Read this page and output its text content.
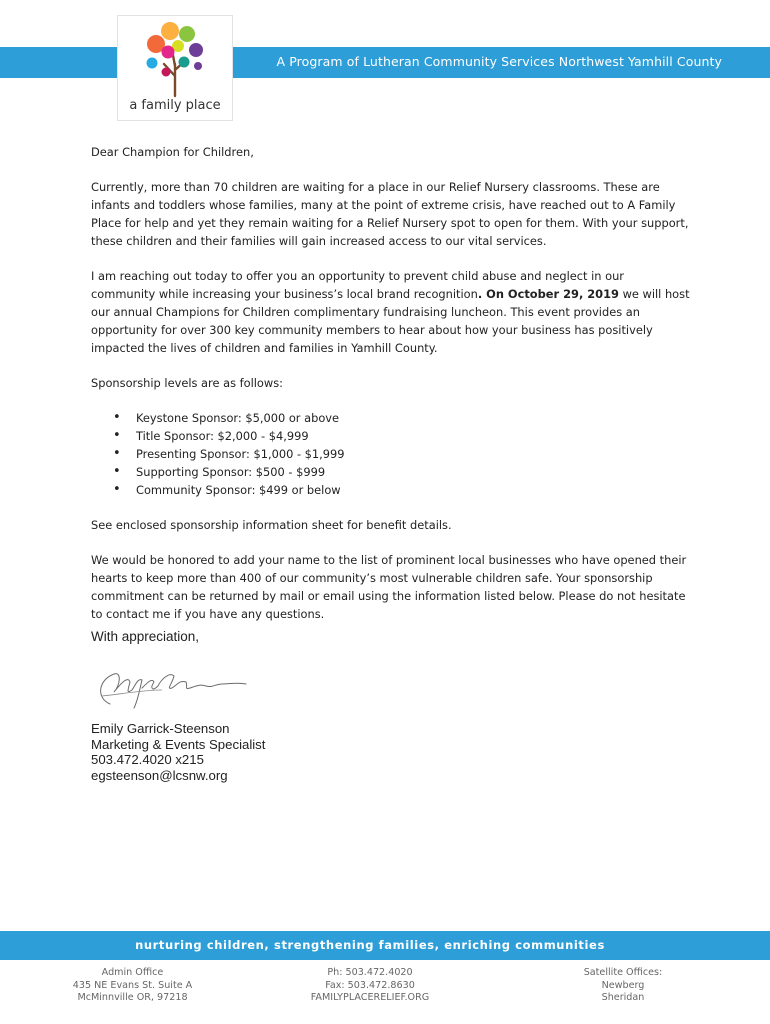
A Program of Lutheran Community Services Northwest Yamhill County
a family place

Dear Champion for Children,

Currently, more than 70 children are waiting for a place in our Relief Nursery classrooms. These are infants and toddlers whose families, many at the point of extreme crisis, have reached out to A Family Place for help and yet they remain waiting for a Relief Nursery spot to open for them. With your support, these children and their families will gain increased access to our vital services.

I am reaching out today to offer you an opportunity to prevent child abuse and neglect in our community while increasing your business’s local brand recognition. On October 29, 2019 we will host our annual Champions for Children complimentary fundraising luncheon. This event provides an opportunity for over 300 key community members to hear about how your business has positively impacted the lives of children and families in Yamhill County.

Sponsorship levels are as follows:

• Keystone Sponsor: $5,000 or above
• Title Sponsor: $2,000 - $4,999
• Presenting Sponsor: $1,000 - $1,999
• Supporting Sponsor: $500 - $999
• Community Sponsor: $499 or below

See enclosed sponsorship information sheet for benefit details.

We would be honored to add your name to the list of prominent local businesses who have opened their hearts to keep more than 400 of our community’s most vulnerable children safe. Your sponsorship commitment can be returned by mail or email using the information listed below. Please do not hesitate to contact me if you have any questions.

With appreciation,
Emily Garrick-Steenson
Marketing & Events Specialist
503.472.4020 x215
egsteenson@lcsnw.org
nurturing children, strengthening families, enriching communities
Admin Office
435 NE Evans St. Suite A
McMinnville OR, 97218
Ph: 503.472.4020
Fax: 503.472.8630
FAMILYPLACERELIEF.ORG
Satellite Offices:
Newberg
Sheridan
